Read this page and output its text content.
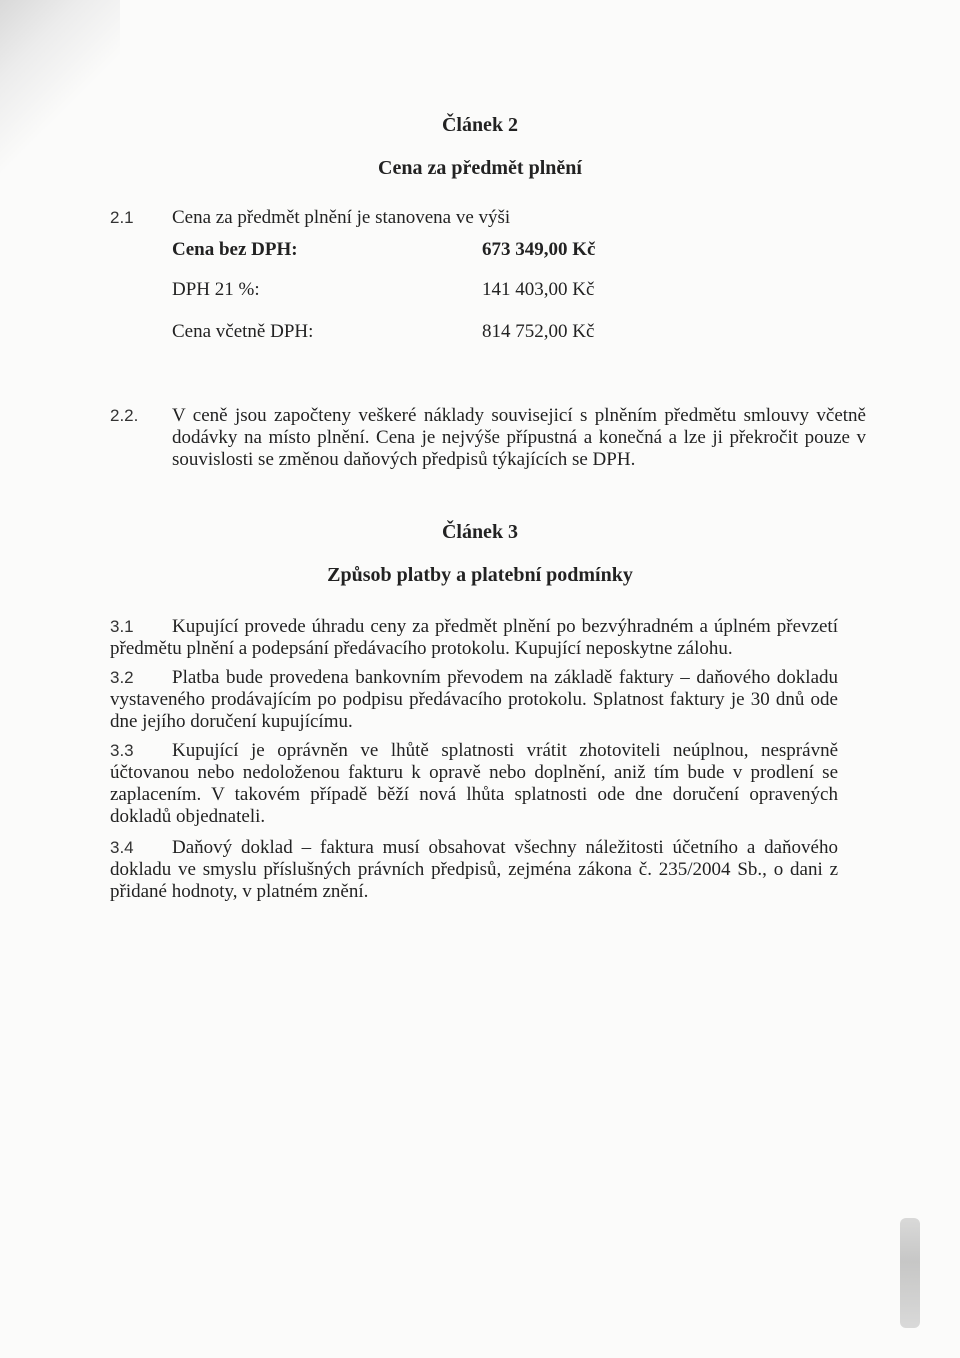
Článek 2
Cena za předmět plnění
2.1 Cena za předmět plnění je stanovena ve výši
Cena bez DPH:	673 349,00 Kč
DPH 21 %:	141 403,00 Kč
Cena včetně DPH:	814 752,00 Kč
2.2. V ceně jsou započteny veškeré náklady souvisejicí s plněním předmětu smlouvy včetně dodávky na místo plnění. Cena je nejvýše přípustná a konečná a lze ji překročit pouze v souvislosti se změnou daňových předpisů týkajících se DPH.
Článek 3
Způsob platby a platební podmínky
3.1	Kupující provede úhradu ceny za předmět plnění po bezvýhradném a úplném převzetí předmětu plnění a podepsání předávacího protokolu. Kupující neposkytne zálohu.
3.2	Platba bude provedena bankovním převodem na základě faktury – daňového dokladu vystaveného prodávajícím po podpisu předávacího protokolu. Splatnost faktury je 30 dnů ode dne jejího doručení kupujícímu.
3.3	Kupující je oprávněn ve lhůtě splatnosti vrátit zhotoviteli neúplnou, nesprávně účtovanou nebo nedoloženou fakturu k opravě nebo doplnění, aniž tím bude v prodlení se zaplacením. V takovém případě běží nová lhůta splatnosti ode dne doručení opravených dokladů objednateli.
3.4	Daňový doklad – faktura musí obsahovat všechny náležitosti účetního a daňového dokladu ve smyslu příslušných právních předpisů, zejména zákona č. 235/2004 Sb., o dani z přidané hodnoty, v platném znění.
